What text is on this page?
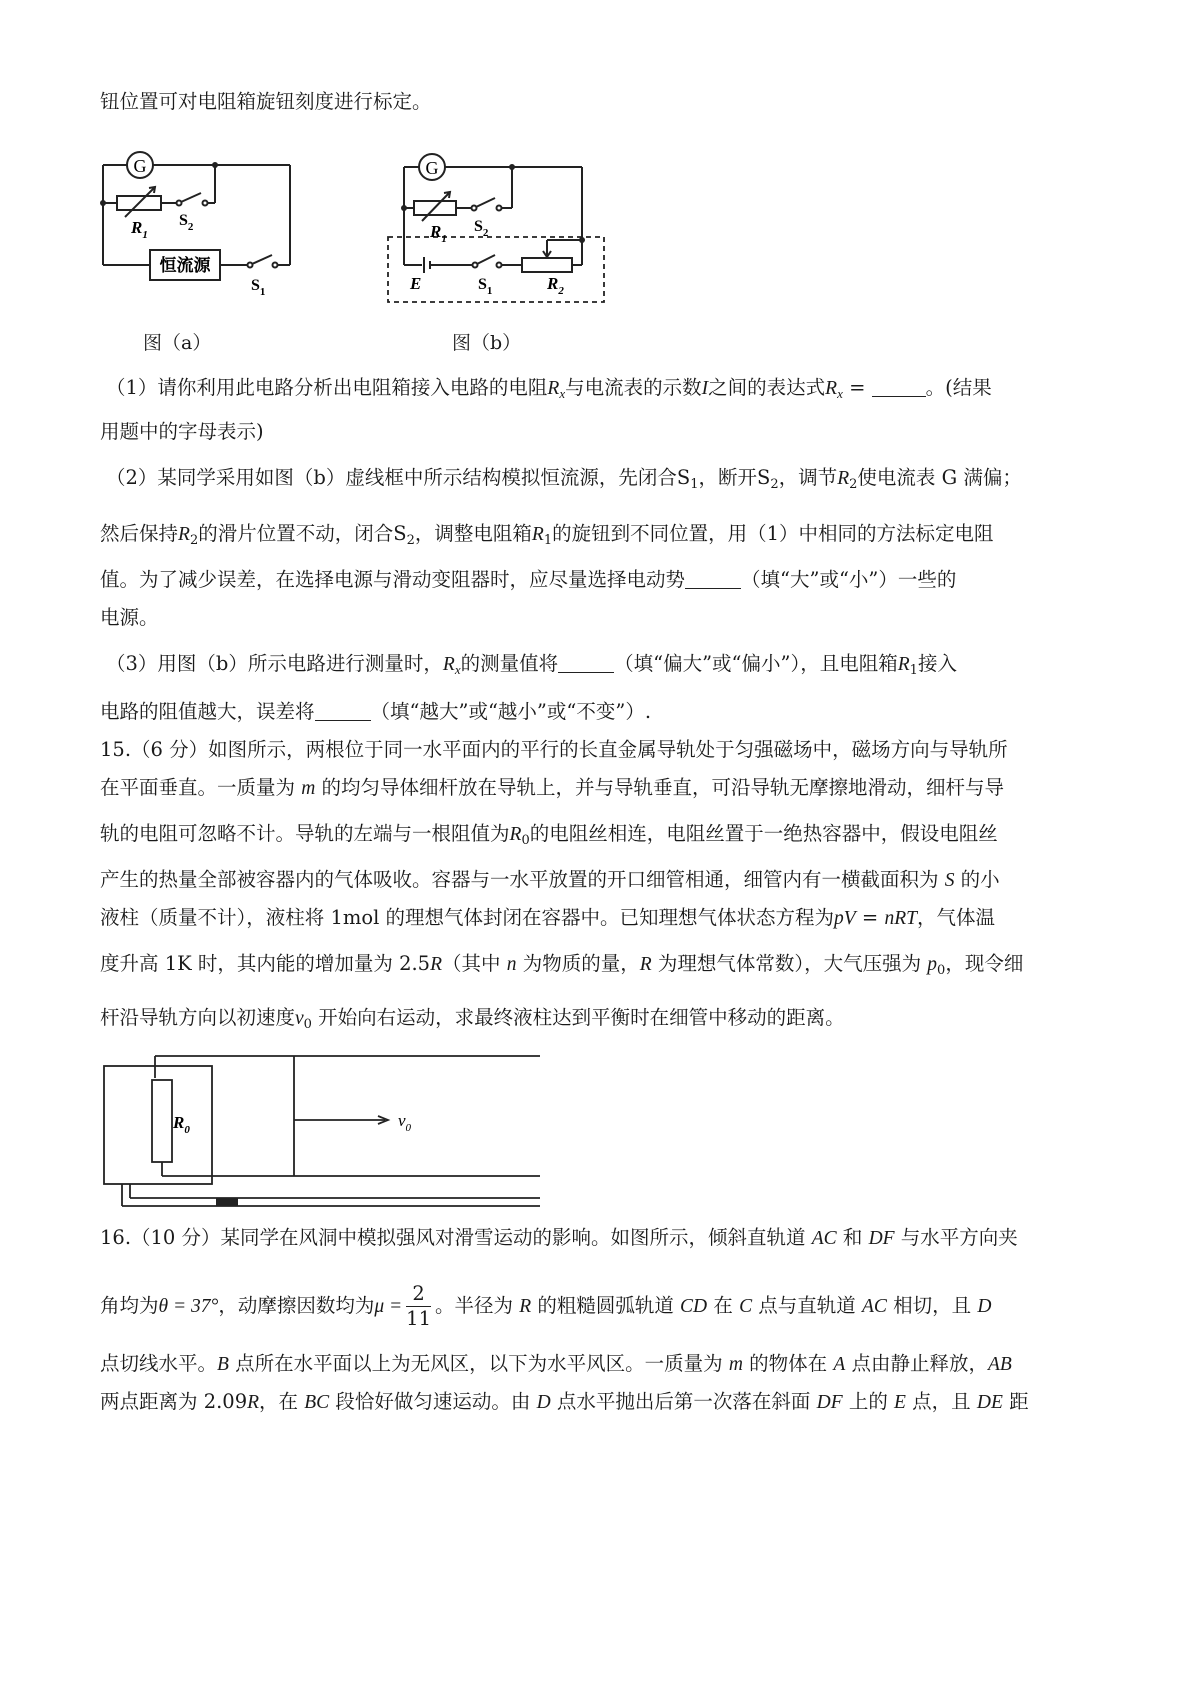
钮位置可对电阻箱旋钮刻度进行标定。

G
$R_1$
$S_2$
恒流源
$S_1$
图（a）
G
$R_1$
$S_2$
E	$S_1$	$R_2$
图（b）

（1）请你利用此电路分析出电阻箱接入电路的电阻$R_x$与电流表的示数I之间的表达式$R_x$ =	。(结果

用题中的字母表示)

（2）某同学采用如图（b）虚线框中所示结构模拟恒流源，先闭合$S_1$，断开$S_2$，调节$R_2$使电流表 G 满偏；

然后保持$R_2$的滑片位置不动，闭合$S_2$，调整电阻箱$R_1$的旋钮到不同位置，用（1）中相同的方法标定电阻

值。为了减少误差，在选择电源与滑动变阻器时，应尽量选择电动势	（填“大”或“小”）一些的

电源。

（3）用图（b）所示电路进行测量时，$R_x$的测量值将	（填“偏大”或“偏小”），且电阻箱$R_1$接入

电路的阻值越大，误差将	（填“越大”或“越小”或“不变”）.

15.（6 分）如图所示，两根位于同一水平面内的平行的长直金属导轨处于匀强磁场中，磁场方向与导轨所

在平面垂直。一质量为 m 的均匀导体细杆放在导轨上，并与导轨垂直，可沿导轨无摩擦地滑动，细杆与导

轨的电阻可忽略不计。导轨的左端与一根阻值为$R_0$的电阻丝相连，电阻丝置于一绝热容器中，假设电阻丝

产生的热量全部被容器内的气体吸收。容器与一水平放置的开口细管相通，细管内有一横截面积为 S 的小

液柱（质量不计），液柱将 1mol 的理想气体封闭在容器中。已知理想气体状态方程为pV = nRT，气体温

度升高 1K 时，其内能的增加量为 2.5R（其中 n 为物质的量，R 为理想气体常数），大气压强为 $p_0$，现令细

杆沿导轨方向以初速度$v_0$ 开始向右运动，求最终液柱达到平衡时在细管中移动的距离。

$R_0$	$v_0$

16.（10 分）某同学在风洞中模拟强风对滑雪运动的影响。如图所示，倾斜直轨道 AC 和 DF 与水平方向夹

角均为θ = 37°，动摩擦因数均为$\mu = \frac{2}{11}$ 。半径为 R 的粗糙圆弧轨道 CD 在 C 点与直轨道 AC 相切，且 D

点切线水平。B 点所在水平面以上为无风区，以下为水平风区。一质量为 m 的物体在 A 点由静止释放，AB

两点距离为 2.09R，在 BC 段恰好做匀速运动。由 D 点水平抛出后第一次落在斜面 DF 上的 E 点，且 DE 距
